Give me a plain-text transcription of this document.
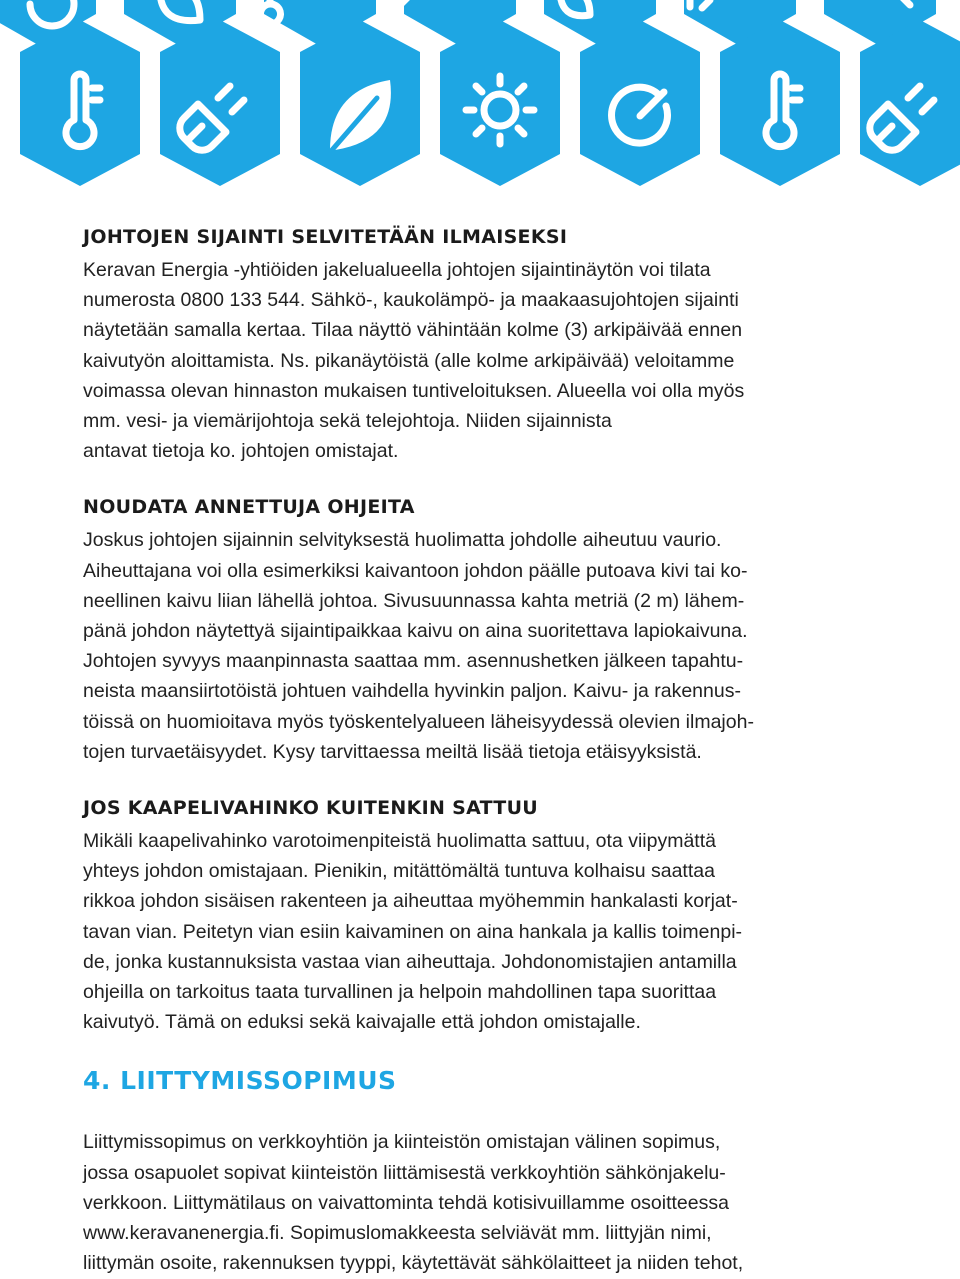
JOHTOJEN SIJAINTI SELVITETÄÄN ILMAISEKSI
Keravan Energia -yhtiöiden jakelualueella johtojen sijaintinäytön voi tilata
numerosta 0800 133 544. Sähkö-, kaukolämpö- ja maakaasujohtojen sijainti
näytetään samalla kertaa. Tilaa näyttö vähintään kolme (3) arkipäivää ennen
kaivutyön aloittamista. Ns. pikanäytöistä (alle kolme arkipäivää) veloitamme
voimassa olevan hinnaston mukaisen tuntiveloituksen. Alueella voi olla myös
mm. vesi- ja viemärijohtoja sekä telejohtoja. Niiden sijainnista
antavat tietoja ko. johtojen omistajat.
NOUDATA ANNETTUJA OHJEITA
Joskus johtojen sijainnin selvityksestä huolimatta johdolle aiheutuu vaurio.
Aiheuttajana voi olla esimerkiksi kaivantoon johdon päälle putoava kivi tai ko-
neellinen kaivu liian lähellä johtoa. Sivusuunnassa kahta metriä (2 m) lähem-
pänä johdon näytettyä sijaintipaikkaa kaivu on aina suoritettava lapiokaivuna.
Johtojen syvyys maanpinnasta saattaa mm. asennushetken jälkeen tapahtu-
neista maansiirtotöistä johtuen vaihdella hyvinkin paljon. Kaivu- ja rakennus-
töissä on huomioitava myös työskentelyalueen läheisyydessä olevien ilmajoh-
tojen turvaetäisyydet. Kysy tarvittaessa meiltä lisää tietoja etäisyyksistä.
JOS KAAPELIVAHINKO KUITENKIN SATTUU
Mikäli kaapelivahinko varotoimenpiteistä huolimatta sattuu, ota viipymättä
yhteys johdon omistajaan. Pienikin, mitättömältä tuntuva kolhaisu saattaa
rikkoa johdon sisäisen rakenteen ja aiheuttaa myöhemmin hankalasti korjat-
tavan vian. Peitetyn vian esiin kaivaminen on aina hankala ja kallis toimenpi-
de, jonka kustannuksista vastaa vian aiheuttaja. Johdonomistajien antamilla
ohjeilla on tarkoitus taata turvallinen ja helpoin mahdollinen tapa suorittaa
kaivutyö. Tämä on eduksi sekä kaivajalle että johdon omistajalle.
4. LIITTYMISSOPIMUS
Liittymissopimus on verkkoyhtiön ja kiinteistön omistajan välinen sopimus,
jossa osapuolet sopivat kiinteistön liittämisestä verkkoyhtiön sähkönjakelu-
verkkoon. Liittymätilaus on vaivattominta tehdä kotisivuillamme osoitteessa
www.keravanenergia.fi. Sopimuslomakkeesta selviävät mm. liittyjän nimi,
liittymän osoite, rakennuksen tyyppi, käytettävät sähkölaitteet ja niiden tehot,
